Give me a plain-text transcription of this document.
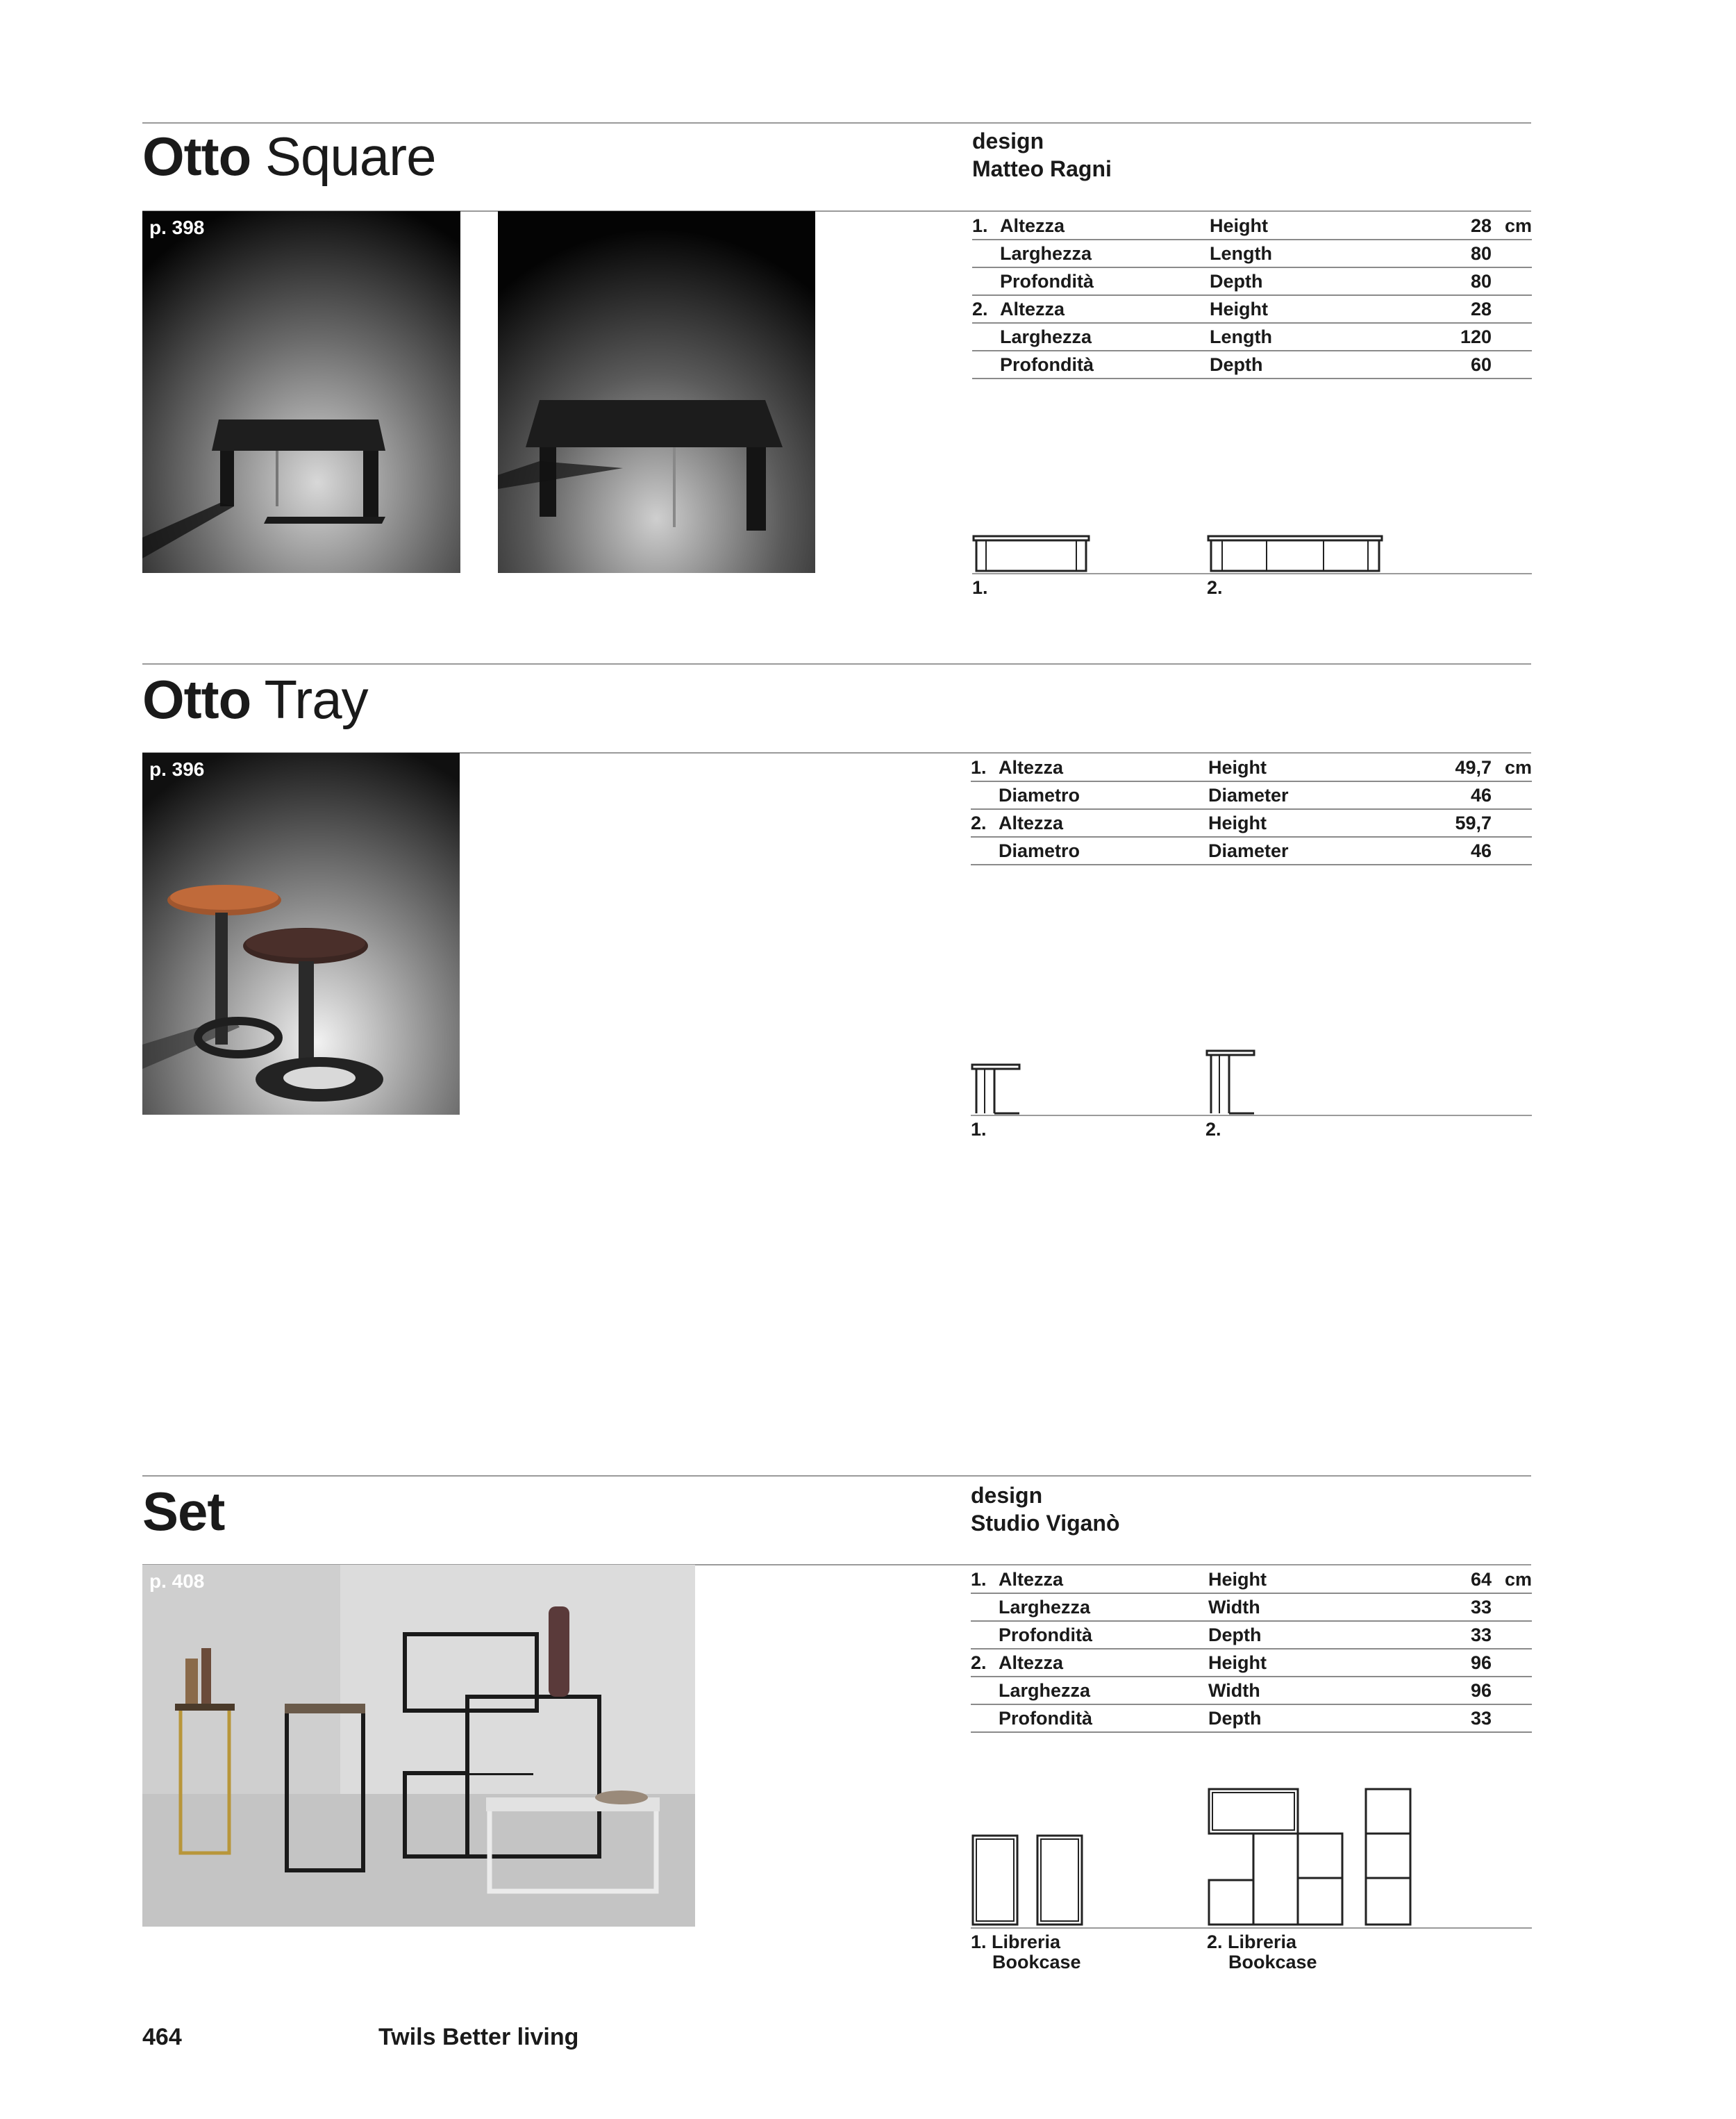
Otto Square	design
Matteo Ragni
p. 398	1. Altezza	Height	28 cm
Larghezza	Length	80
Profondità	Depth	80
2. Altezza	Height	28
Larghezza	Length	120
Profondità	Depth	60
1.	2.
Otto Tray
p. 396	1. Altezza	Height	49,7 cm
Diametro	Diameter	46
2. Altezza	Height	59,7
Diametro	Diameter	46
1.	2.
Set	design
Studio Viganò
p. 408	1. Altezza	Height	64 cm
Larghezza	Width	33
Profondità	Depth	33
2. Altezza	Height	96
Larghezza	Width	96
Profondità	Depth	33
1. Libreria
Bookcase
2. Libreria
Bookcase
464	Twils Better living
